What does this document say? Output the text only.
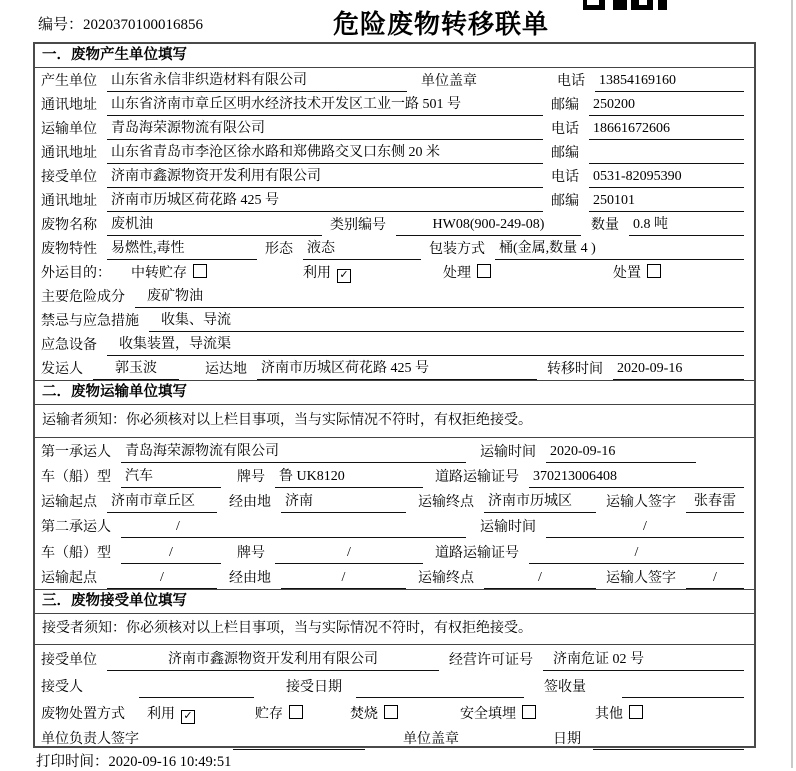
编号：2020370100016856	危险废物转移联单
一．废物产生单位填写
产生单位 山东省永信非织造材料有限公司	单位盖章	电话 13854169160
通讯地址 山东省济南市章丘区明水经济技术开发区工业一路 501 号	邮编 250200
运输单位 青岛海荣源物流有限公司	电话 18661672606
通讯地址 山东省青岛市李沧区徐水路和郑佛路交叉口东侧 20 米	邮编
接受单位 济南市鑫源物资开发利用有限公司	电话 0531-82095390
通讯地址 济南市历城区荷花路 425 号	邮编 250101
废物名称 废机油	类别编号	HW08(900-249-08)	数量 0.8 吨
废物特性 易燃性,毒性	形态 液态	包装方式 桶(金属,数量 4 )
外运目的： 中转贮存	利用 ✓	处理	处置
主要危险成分	废矿物油
禁忌与应急措施	收集、导流
应急设备	收集装置，导流渠
发运人	郭玉波	运达地 济南市历城区荷花路 425 号	转移时间 2020-09-16
二．废物运输单位填写
运输者须知：你必须核对以上栏目事项，当与实际情况不符时，有权拒绝接受。
第一承运人 青岛海荣源物流有限公司	运输时间 2020-09-16
车（船）型 汽车	牌号 鲁 UK8120	道路运输证号 370213006408
运输起点 济南市章丘区	经由地 济南	运输终点 济南市历城区	运输人签字	张春雷
第二承运人	/	运输时间	/
车（船）型	/	牌号	/	道路运输证号	/
运输起点	/	经由地	/	运输终点	/	运输人签字	/
三．废物接受单位填写
接受者须知：你必须核对以上栏目事项，当与实际情况不符时，有权拒绝接受。
接受单位	济南市鑫源物资开发利用有限公司	经营许可证号	济南危证 02 号
接受人	接受日期	签收量
废物处置方式 利用 ✓	贮存	焚烧	安全填埋	其他
单位负责人签字	单位盖章	日期
打印时间：2020-09-16 10:49:51
